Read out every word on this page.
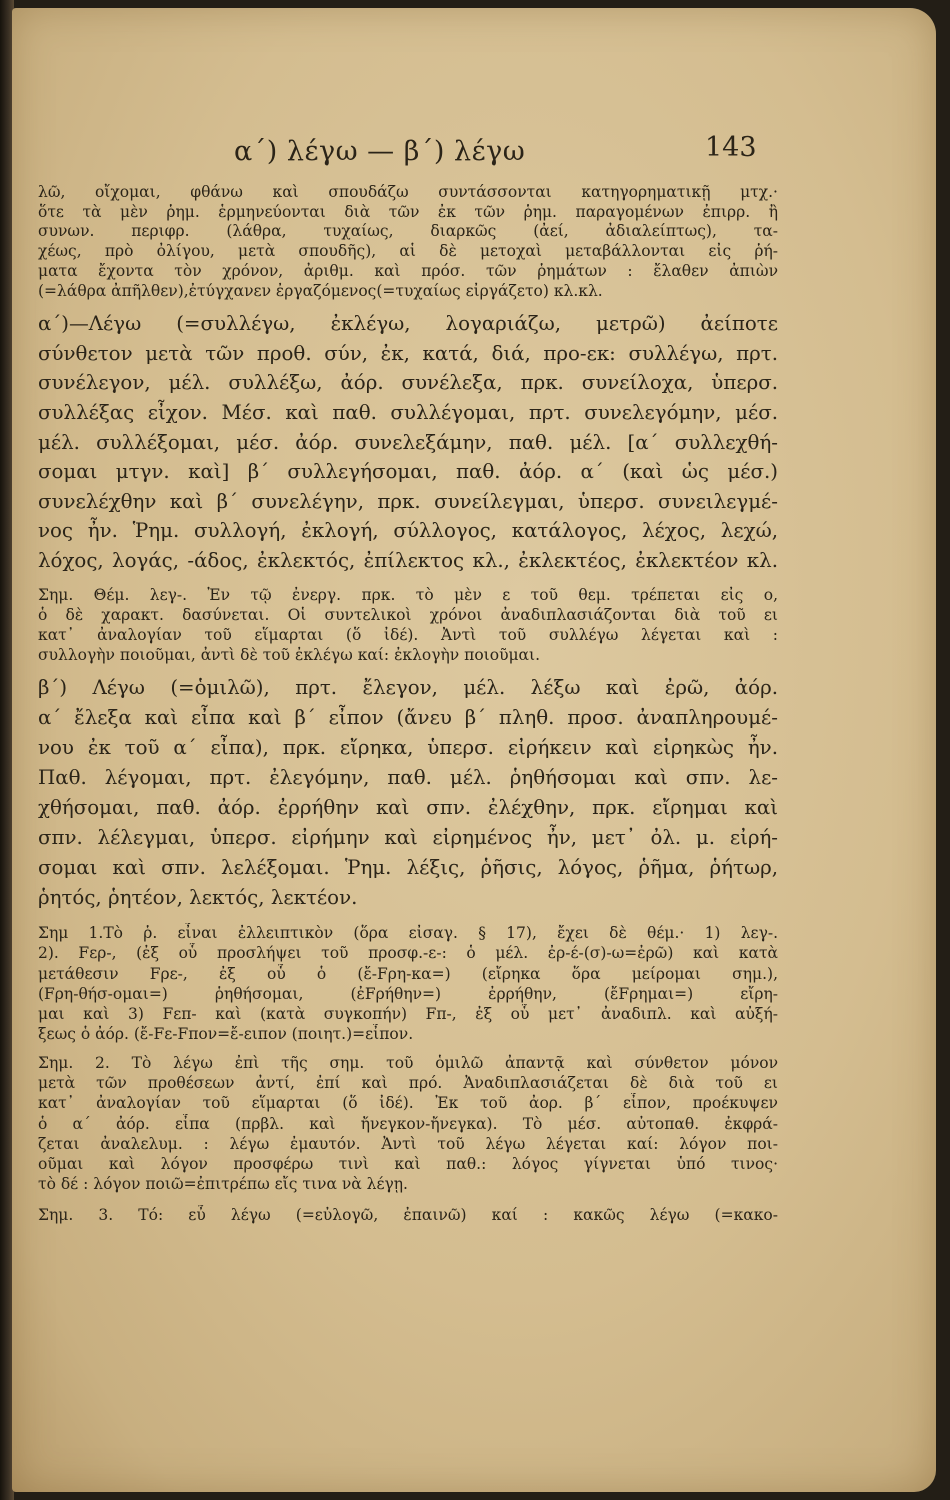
α΄) λέγω — β΄) λέγω	143

λῶ, οἴχομαι, φθάνω καὶ σπουδάζω συντάσσονται κατηγορηματικῇ μτχ.·

ὅτε τὰ μὲν ῥημ. ἑρμηνεύονται διὰ τῶν ἐκ τῶν ῥημ. παραγομένων ἐπιρρ. ἢ

συνων. περιφρ. (λάθρα, τυχαίως, διαρκῶς (ἀεί, ἀδιαλείπτως), τα-

χέως, πρὸ ὀλίγου, μετὰ σπουδῆς), αἱ δὲ μετοχαὶ μεταβάλλονται εἰς ῥή-

ματα ἔχοντα τὸν χρόνον, ἀριθμ. καὶ πρόσ. τῶν ῥημάτων : ἔλαθεν ἀπιὼν

(=λάθρα ἀπῆλθεν),ἐτύγχανεν ἐργαζόμενος(=τυχαίως εἰργάζετο) κλ.κλ.

α΄)—Λέγω (=συλλέγω, ἐκλέγω, λογαριάζω, μετρῶ) ἀείποτε

σύνθετον μετὰ τῶν προθ. σύν, ἐκ, κατά, διά, προ-εκ: συλλέγω, πρτ.

συνέλεγον, μέλ. συλλέξω, ἀόρ. συνέλεξα, πρκ. συνείλοχα, ὑπερσ.

συλλέξας εἶχον. Μέσ. καὶ παθ. συλλέγομαι, πρτ. συνελεγόμην, μέσ.

μέλ. συλλέξομαι, μέσ. ἀόρ. συνελεξάμην, παθ. μέλ. [α΄ συλλεχθή-

σομαι μτγν. καὶ] β΄ συλλεγήσομαι, παθ. ἀόρ. α΄ (καὶ ὡς μέσ.)

συνελέχθην καὶ β΄ συνελέγην, πρκ. συνείλεγμαι, ὑπερσ. συνειλεγμέ-

νος ἦν. Ῥημ. συλλογή, ἐκλογή, σύλλογος, κατάλογος, λέχος, λεχώ,

λόχος, λογάς, -άδος, ἐκλεκτός, ἐπίλεκτος κλ., ἐκλεκτέος, ἐκλεκτέον κλ.

Σημ. Θέμ. λεγ-. Ἐν τῷ ἐνεργ. πρκ. τὸ μὲν ε τοῦ θεμ. τρέπεται εἰς ο,

ὁ δὲ χαρακτ. δασύνεται. Οἱ συντελικοὶ χρόνοι ἀναδιπλασιάζονται διὰ τοῦ ει

κατ᾽ ἀναλογίαν τοῦ εἵμαρται (ὅ ἰδέ). Ἀντὶ τοῦ συλλέγω λέγεται καὶ :

συλλογὴν ποιοῦμαι, ἀντὶ δὲ τοῦ ἐκλέγω καί: ἐκλογὴν ποιοῦμαι.

β΄) Λέγω (=ὁμιλῶ), πρτ. ἔλεγον, μέλ. λέξω καὶ ἐρῶ, ἀόρ.

α΄ ἔλεξα καὶ εἶπα καὶ β΄ εἶπον (ἄνευ β΄ πληθ. προσ. ἀναπληρουμέ-

νου ἐκ τοῦ α΄ εἶπα), πρκ. εἴρηκα, ὑπερσ. εἰρήκειν καὶ εἰρηκὼς ἦν.

Παθ. λέγομαι, πρτ. ἐλεγόμην, παθ. μέλ. ῥηθήσομαι καὶ σπν. λε-

χθήσομαι, παθ. ἀόρ. ἐρρήθην καὶ σπν. ἐλέχθην, πρκ. εἴρημαι καὶ

σπν. λέλεγμαι, ὑπερσ. εἰρήμην καὶ εἰρημένος ἦν, μετ᾽ ὀλ. μ. εἰρή-

σομαι καὶ σπν. λελέξομαι. Ῥημ. λέξις, ῥῆσις, λόγος, ῥῆμα, ῥήτωρ,

ῥητός, ῥητέον, λεκτός, λεκτέον.

Σημ 1.Τὸ ῥ. εἶναι ἐλλειπτικὸν (ὅρα εἰσαγ. § 17), ἔχει δὲ θέμ.· 1) λεγ-.

2). Fερ-, (ἐξ οὗ προσλήψει τοῦ προσφ.-ε-: ὁ μέλ. ἐρ-έ-(σ)-ω=ἐρῶ) καὶ κατὰ

μετάθεσιν Fρε-, ἐξ οὗ ὁ (ἔ-Fρη-κα=) (εἴρηκα ὅρα μείρομαι σημ.),

(Fρη-θήσ-ομαι=) ῥηθήσομαι, (ἐFρήθην=) ἐρρήθην, (ἔFρημαι=) εἴρη-

μαι καὶ 3) Fεπ- καὶ (κατὰ συγκοπήν) Fπ-, ἐξ οὗ μετ᾽ ἀναδιπλ. καὶ αὐξή-

ξεως ὁ ἀόρ. (ἔ-Fε-Fπον=ἔ-ειπον (ποιητ.)=εἶπον.

Σημ. 2. Τὸ λέγω ἐπὶ τῆς σημ. τοῦ ὁμιλῶ ἀπαντᾷ καὶ σύνθετον μόνον

μετὰ τῶν προθέσεων ἀντί, ἐπί καὶ πρό. Ἀναδιπλασιάζεται δὲ διὰ τοῦ ει

κατ᾽ ἀναλογίαν τοῦ εἵμαρται (ὅ ἰδέ). Ἐκ τοῦ ἀορ. β΄ εἶπον, προέκυψεν

ὁ α΄ ἀόρ. εἶπα (πρβλ. καὶ ἤνεγκον-ἤνεγκα). Τὸ μέσ. αὐτοπαθ. ἐκφρά-

ζεται ἀναλελυμ. : λέγω ἐμαυτόν. Ἀντὶ τοῦ λέγω λέγεται καί: λόγον ποι-

οῦμαι καὶ λόγον προσφέρω τινὶ καὶ παθ.: λόγος γίγνεται ὑπό τινος·

τὸ δέ : λόγον ποιῶ=ἐπιτρέπω εἴς τινα νὰ λέγῃ.

Σημ. 3. Τό: εὖ λέγω (=εὐλογῶ, ἐπαινῶ) καί : κακῶς λέγω (=κακο-
